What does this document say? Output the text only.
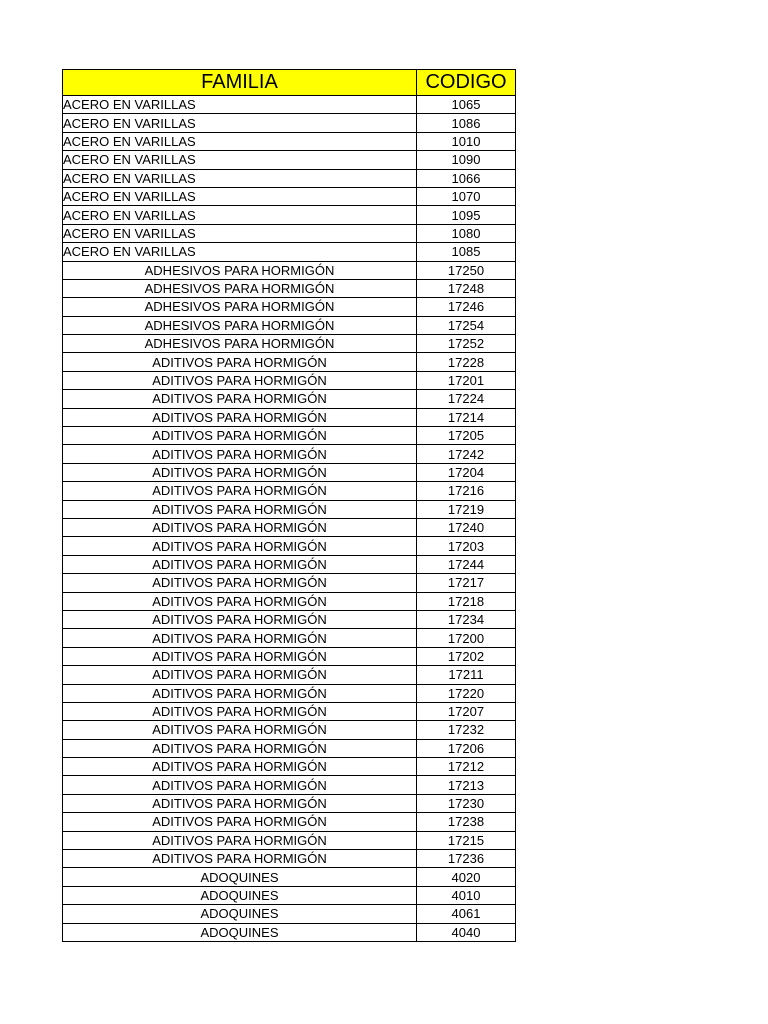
FAMILIA	CODIGO
ACERO EN VARILLAS	1065
ACERO EN VARILLAS	1086
ACERO EN VARILLAS	1010
ACERO EN VARILLAS	1090
ACERO EN VARILLAS	1066
ACERO EN VARILLAS	1070
ACERO EN VARILLAS	1095
ACERO EN VARILLAS	1080
ACERO EN VARILLAS	1085
ADHESIVOS PARA HORMIGÓN	17250
ADHESIVOS PARA HORMIGÓN	17248
ADHESIVOS PARA HORMIGÓN	17246
ADHESIVOS PARA HORMIGÓN	17254
ADHESIVOS PARA HORMIGÓN	17252
ADITIVOS PARA HORMIGÓN	17228
ADITIVOS PARA HORMIGÓN	17201
ADITIVOS PARA HORMIGÓN	17224
ADITIVOS PARA HORMIGÓN	17214
ADITIVOS PARA HORMIGÓN	17205
ADITIVOS PARA HORMIGÓN	17242
ADITIVOS PARA HORMIGÓN	17204
ADITIVOS PARA HORMIGÓN	17216
ADITIVOS PARA HORMIGÓN	17219
ADITIVOS PARA HORMIGÓN	17240
ADITIVOS PARA HORMIGÓN	17203
ADITIVOS PARA HORMIGÓN	17244
ADITIVOS PARA HORMIGÓN	17217
ADITIVOS PARA HORMIGÓN	17218
ADITIVOS PARA HORMIGÓN	17234
ADITIVOS PARA HORMIGÓN	17200
ADITIVOS PARA HORMIGÓN	17202
ADITIVOS PARA HORMIGÓN	17211
ADITIVOS PARA HORMIGÓN	17220
ADITIVOS PARA HORMIGÓN	17207
ADITIVOS PARA HORMIGÓN	17232
ADITIVOS PARA HORMIGÓN	17206
ADITIVOS PARA HORMIGÓN	17212
ADITIVOS PARA HORMIGÓN	17213
ADITIVOS PARA HORMIGÓN	17230
ADITIVOS PARA HORMIGÓN	17238
ADITIVOS PARA HORMIGÓN	17215
ADITIVOS PARA HORMIGÓN	17236
ADOQUINES	4020
ADOQUINES	4010
ADOQUINES	4061
ADOQUINES	4040
